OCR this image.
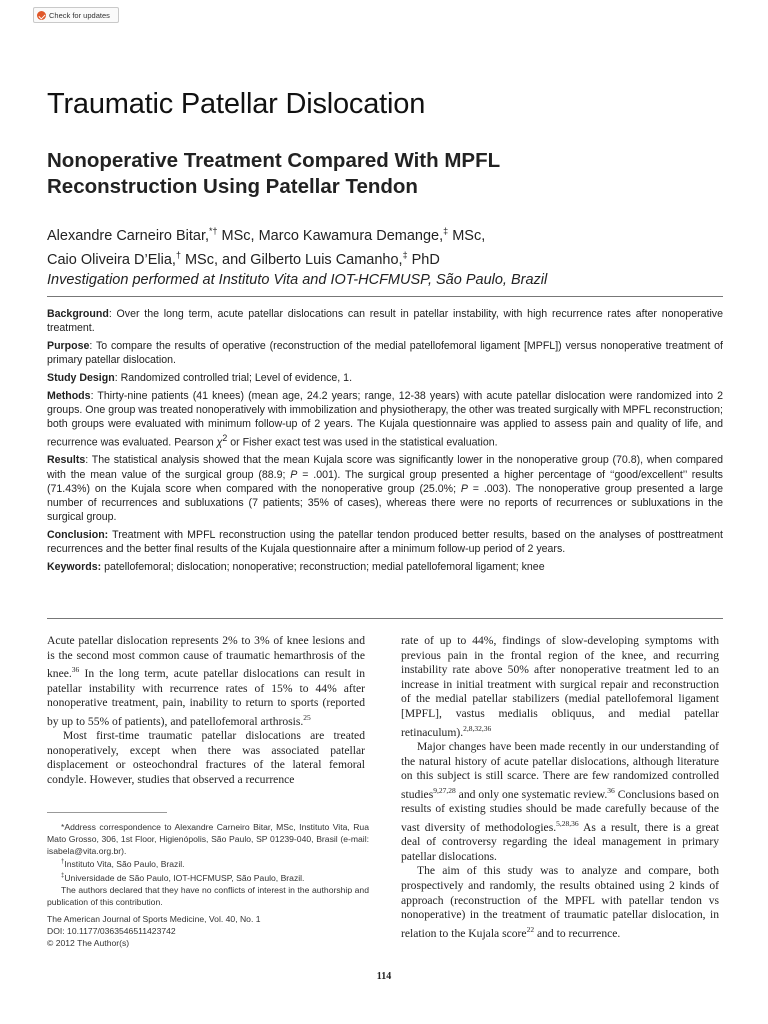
Check for updates
Traumatic Patellar Dislocation
Nonoperative Treatment Compared With MPFL
Reconstruction Using Patellar Tendon
Alexandre Carneiro Bitar,*† MSc, Marco Kawamura Demange,‡ MSc,
Caio Oliveira D’Elia,† MSc, and Gilberto Luis Camanho,‡ PhD
Investigation performed at Instituto Vita and IOT-HCFMUSP, São Paulo, Brazil

Background: Over the long term, acute patellar dislocations can result in patellar instability, with high recurrence rates after nonoperative treatment.

Purpose: To compare the results of operative (reconstruction of the medial patellofemoral ligament [MPFL]) versus nonoperative treatment of primary patellar dislocation.

Study Design: Randomized controlled trial; Level of evidence, 1.

Methods: Thirty-nine patients (41 knees) (mean age, 24.2 years; range, 12-38 years) with acute patellar dislocation were randomized into 2 groups. One group was treated nonoperatively with immobilization and physiotherapy, the other was treated surgically with MPFL reconstruction; both groups were evaluated with minimum follow-up of 2 years. The Kujala questionnaire was applied to assess pain and quality of life, and recurrence was evaluated. Pearson $\chi^2$ or Fisher exact test was used in the statistical evaluation.

Results: The statistical analysis showed that the mean Kujala score was significantly lower in the nonoperative group (70.8), when compared with the mean value of the surgical group (88.9; P = .001). The surgical group presented a higher percentage of ‘‘good/excellent’’ results (71.43%) on the Kujala score when compared with the nonoperative group (25.0%; P = .003). The nonoperative group presented a large number of recurrences and subluxations (7 patients; 35% of cases), whereas there were no reports of recurrences or subluxations in the surgical group.

Conclusion: Treatment with MPFL reconstruction using the patellar tendon produced better results, based on the analyses of posttreatment recurrences and the better final results of the Kujala questionnaire after a minimum follow-up period of 2 years.

Keywords: patellofemoral; dislocation; nonoperative; reconstruction; medial patellofemoral ligament; knee

Acute patellar dislocation represents 2% to 3% of knee lesions and is the second most common cause of traumatic hemarthrosis of the knee.$^{36}$ In the long term, acute patellar dislocations can result in patellar instability with recurrence rates of 15% to 44% after nonoperative treatment, pain, inability to return to sports (reported by up to 55% of patients), and patellofemoral arthrosis.$^{25}$

Most first-time traumatic patellar dislocations are treated nonoperatively, except when there was associated patellar displacement or osteochondral fractures of the lateral femoral condyle. However, studies that observed a recurrence

*Address correspondence to Alexandre Carneiro Bitar, MSc, Instituto Vita, Rua Mato Grosso, 306, 1st Floor, Higienópolis, São Paulo, SP 01239-040, Brasil (e-mail: isabela@vita.org.br).

†Instituto Vita, São Paulo, Brazil.

‡Universidade de São Paulo, IOT-HCFMUSP, São Paulo, Brazil.

The authors declared that they have no conflicts of interest in the authorship and publication of this contribution.

The American Journal of Sports Medicine, Vol. 40, No. 1
DOI: 10.1177/0363546511423742
© 2012 The Author(s)

rate of up to 44%, findings of slow-developing symptoms with previous pain in the frontal region of the knee, and recurring instability rate above 50% after nonoperative treatment led to an increase in initial treatment with surgical repair and reconstruction of the medial patellar stabilizers (medial patellofemoral ligament [MPFL], vastus medialis obliquus, and medial patellar retinaculum).$^{2,8,32,36}$

Major changes have been made recently in our understanding of the natural history of acute patellar dislocations, although literature on this subject is still scarce. There are few randomized controlled studies$^{9,27,28}$ and only one systematic review.$^{36}$ Conclusions based on results of existing studies should be made carefully because of the vast diversity of methodologies.$^{5,28,36}$ As a result, there is a great deal of controversy regarding the ideal management in primary patellar dislocations.

The aim of this study was to analyze and compare, both prospectively and randomly, the results obtained using 2 kinds of approach (reconstruction of the MPFL with patellar tendon vs nonoperative) in the treatment of traumatic patellar dislocation, in relation to the Kujala score$^{22}$ and to recurrence.

114
